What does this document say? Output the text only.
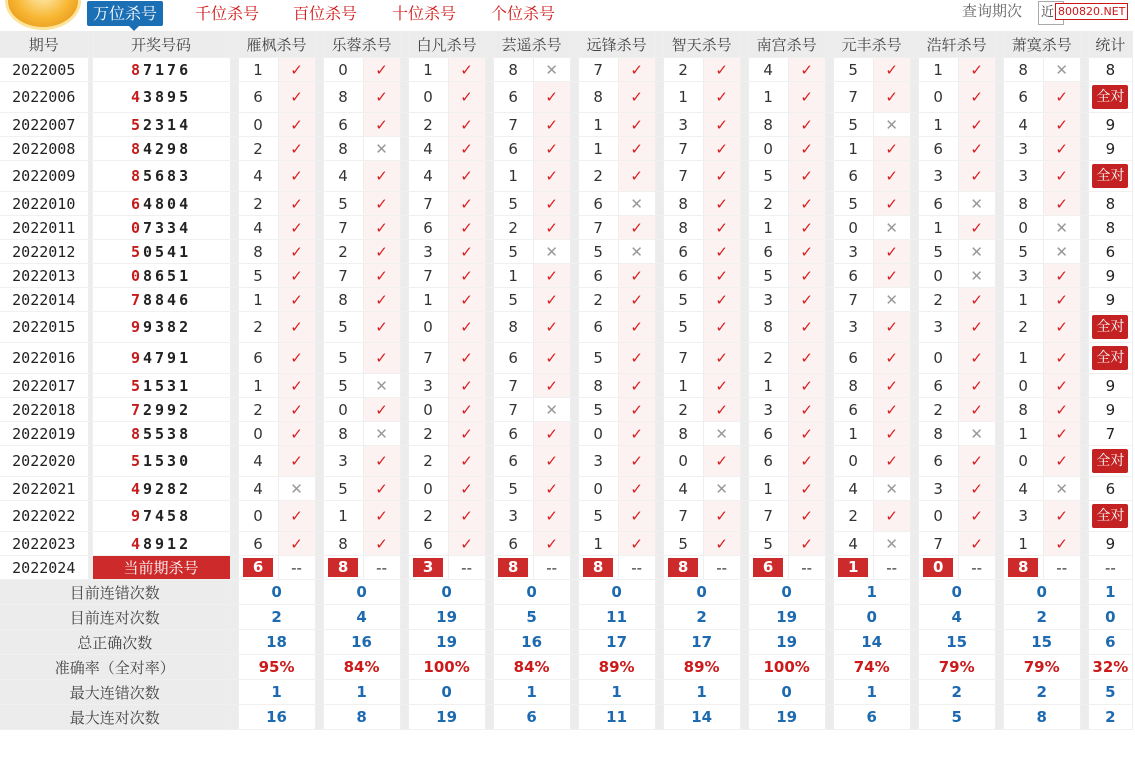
万位杀号	千位杀号 百位杀号 十位杀号 个位杀号	查询期次 近 800820.NET
期号		开奖号码		雁枫杀号			乐蓉杀号			白凡杀号			芸遥杀号			远锋杀号			智天杀号			南宫杀号			元丰杀号			浩轩杀号			萧寞杀号			统计
2022005		87176		1	✓		0	✓		1	✓		8	✕		7	✓		2	✓		4	✓		5	✓		1	✓		8	✕		8
2022006		43895		6	✓		8	✓		0	✓		6	✓		8	✓		1	✓		1	✓		7	✓		0	✓		6	✓		全对
2022007		52314		0	✓		6	✓		2	✓		7	✓		1	✓		3	✓		8	✓		5	✕		1	✓		4	✓		9
2022008		84298		2	✓		8	✕		4	✓		6	✓		1	✓		7	✓		0	✓		1	✓		6	✓		3	✓		9
2022009		85683		4	✓		4	✓		4	✓		1	✓		2	✓		7	✓		5	✓		6	✓		3	✓		3	✓		全对
2022010		64804		2	✓		5	✓		7	✓		5	✓		6	✕		8	✓		2	✓		5	✓		6	✕		8	✓		8
2022011		07334		4	✓		7	✓		6	✓		2	✓		7	✓		8	✓		1	✓		0	✕		1	✓		0	✕		8
2022012		50541		8	✓		2	✓		3	✓		5	✕		5	✕		6	✓		6	✓		3	✓		5	✕		5	✕		6
2022013		08651		5	✓		7	✓		7	✓		1	✓		6	✓		6	✓		5	✓		6	✓		0	✕		3	✓		9
2022014		78846		1	✓		8	✓		1	✓		5	✓		2	✓		5	✓		3	✓		7	✕		2	✓		1	✓		9
2022015		99382		2	✓		5	✓		0	✓		8	✓		6	✓		5	✓		8	✓		3	✓		3	✓		2	✓		全对
2022016		94791		6	✓		5	✓		7	✓		6	✓		5	✓		7	✓		2	✓		6	✓		0	✓		1	✓		全对
2022017		51531		1	✓		5	✕		3	✓		7	✓		8	✓		1	✓		1	✓		8	✓		6	✓		0	✓		9
2022018		72992		2	✓		0	✓		0	✓		7	✕		5	✓		2	✓		3	✓		6	✓		2	✓		8	✓		9
2022019		85538		0	✓		8	✕		2	✓		6	✓		0	✓		8	✕		6	✓		1	✓		8	✕		1	✓		7
2022020		51530		4	✓		3	✓		2	✓		6	✓		3	✓		0	✓		6	✓		0	✓		6	✓		0	✓		全对
2022021		49282		4	✕		5	✓		0	✓		5	✓		0	✓		4	✕		1	✓		4	✕		3	✓		4	✕		6
2022022		97458		0	✓		1	✓		2	✓		3	✓		5	✓		7	✓		7	✓		2	✓		0	✓		3	✓		全对
2022023		48912		6	✓		8	✓		6	✓		6	✓		1	✓		5	✓		5	✓		4	✕		7	✓		1	✓		9
2022024		当前期杀号		6	--		8	--		3	--		8	--		8	--		8	--		6	--		1	--		0	--		8	--		--
目前连错次数				0			0			0			0			0			0			0			1			0			0			1
目前连对次数				2			4			19			5			11			2			19			0			4			2			0
总正确次数				18			16			19			16			17			17			19			14			15			15			6
准确率（全对率）				95%			84%			100%			84%			89%			89%			100%			74%			79%			79%			32%
最大连错次数				1			1			0			1			1			1			0			1			2			2			5
最大连对次数				16			8			19			6			11			14			19			6			5			8			2
